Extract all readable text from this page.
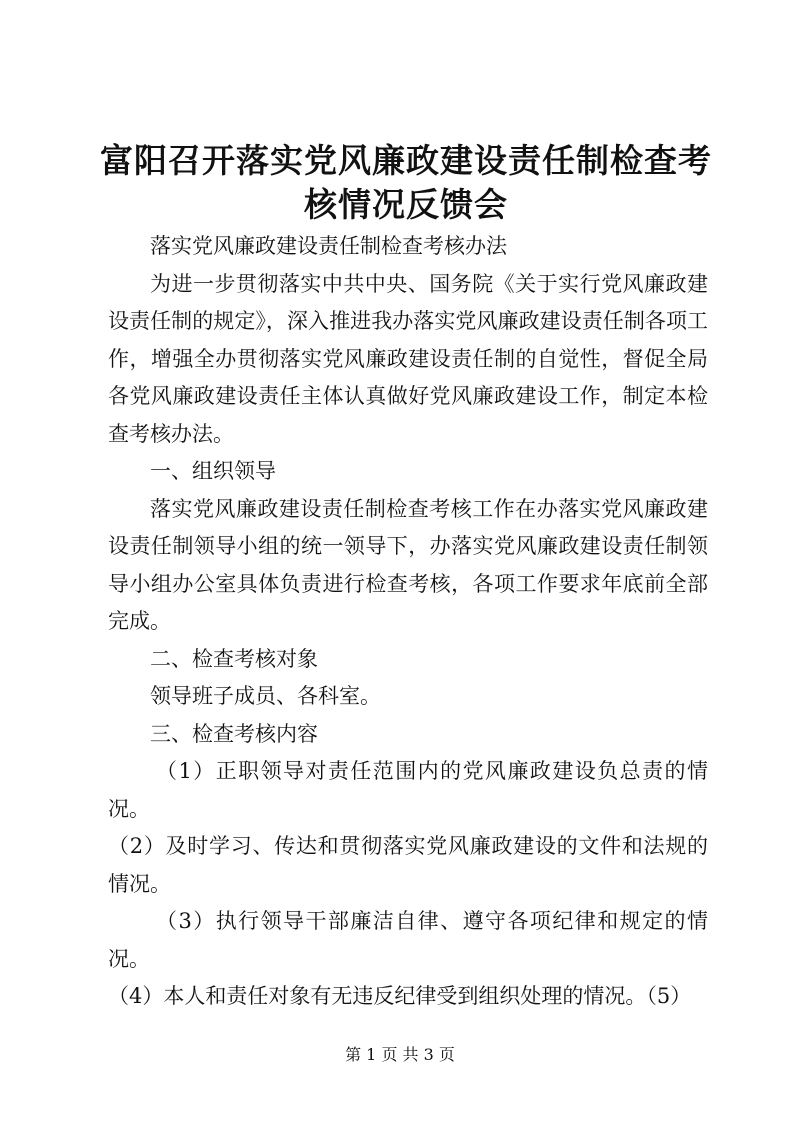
富阳召开落实党风廉政建设责任制检查考核情况反馈会

落实党风廉政建设责任制检查考核办法

为进一步贯彻落实中共中央、国务院《关于实行党风廉政建设责任制的规定》，深入推进我办落实党风廉政建设责任制各项工作，增强全办贯彻落实党风廉政建设责任制的自觉性，督促全局各党风廉政建设责任主体认真做好党风廉政建设工作，制定本检查考核办法。

一、组织领导

落实党风廉政建设责任制检查考核工作在办落实党风廉政建设责任制领导小组的统一领导下，办落实党风廉政建设责任制领导小组办公室具体负责进行检查考核，各项工作要求年底前全部完成。

二、检查考核对象

领导班子成员、各科室。

三、检查考核内容

（1）正职领导对责任范围内的党风廉政建设负总责的情况。

（2）及时学习、传达和贯彻落实党风廉政建设的文件和法规的情况。

（3）执行领导干部廉洁自律、遵守各项纪律和规定的情况。

（4）本人和责任对象有无违反纪律受到组织处理的情况。（5）

第 1 页 共 3 页
